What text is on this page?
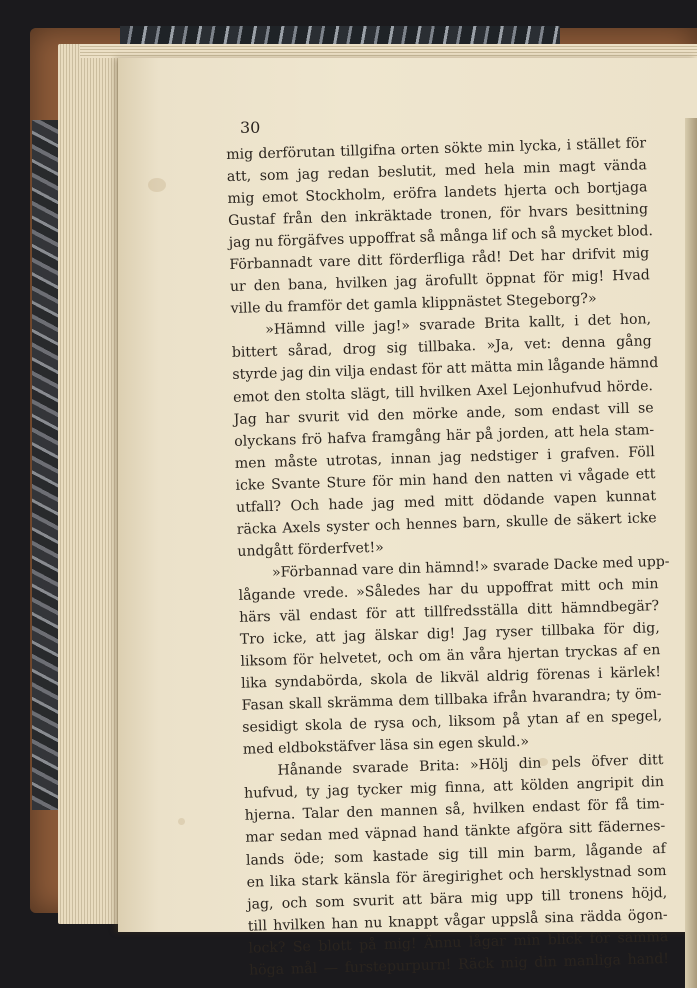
30
mig derförutan tillgifna orten sökte min lycka, i stället för
att, som jag redan beslutit, med hela min magt vända
mig emot Stockholm, eröfra landets hjerta och bortjaga
Gustaf från den inkräktade tronen, för hvars besittning
jag nu förgäfves uppoffrat så många lif och så mycket blod.
Förbannadt vare ditt förderfliga råd! Det har drifvit mig
ur den bana, hvilken jag ärofullt öppnat för mig! Hvad
ville du framför det gamla klippnästet Stegeborg?»
»Hämnd ville jag!» svarade Brita kallt, i det hon,
bittert sårad, drog sig tillbaka. »Ja, vet: denna gång
styrde jag din vilja endast för att mätta min lågande hämnd
emot den stolta slägt, till hvilken Axel Lejonhufvud hörde.
Jag har svurit vid den mörke ande, som endast vill se
olyckans frö hafva framgång här på jorden, att hela stam-
men måste utrotas, innan jag nedstiger i grafven. Föll
icke Svante Sture för min hand den natten vi vågade ett
utfall? Och hade jag med mitt dödande vapen kunnat
räcka Axels syster och hennes barn, skulle de säkert icke
undgått förderfvet!»
»Förbannad vare din hämnd!» svarade Dacke med upp-
lågande vrede. »Således har du uppoffrat mitt och min
härs väl endast för att tillfredsställa ditt hämndbegär?
Tro icke, att jag älskar dig! Jag ryser tillbaka för dig,
liksom för helvetet, och om än våra hjertan tryckas af en
lika syndabörda, skola de likväl aldrig förenas i kärlek!
Fasan skall skrämma dem tillbaka ifrån hvarandra; ty öm-
sesidigt skola de rysa och, liksom på ytan af en spegel,
med eldbokstäfver läsa sin egen skuld.»
Hånande svarade Brita: »Hölj din pels öfver ditt
hufvud, ty jag tycker mig finna, att kölden angripit din
hjerna. Talar den mannen så, hvilken endast för få tim-
mar sedan med väpnad hand tänkte afgöra sitt fädernes-
lands öde; som kastade sig till min barm, lågande af
en lika stark känsla för äregirighet och hersklystnad som
jag, och som svurit att bära mig upp till tronens höjd,
till hvilken han nu knappt vågar uppslå sina rädda ögon-
lock? Se blott på mig! Ännu lågar min blick för samma
höga mål — furstepurpurn! Räck mig din manliga hand!
